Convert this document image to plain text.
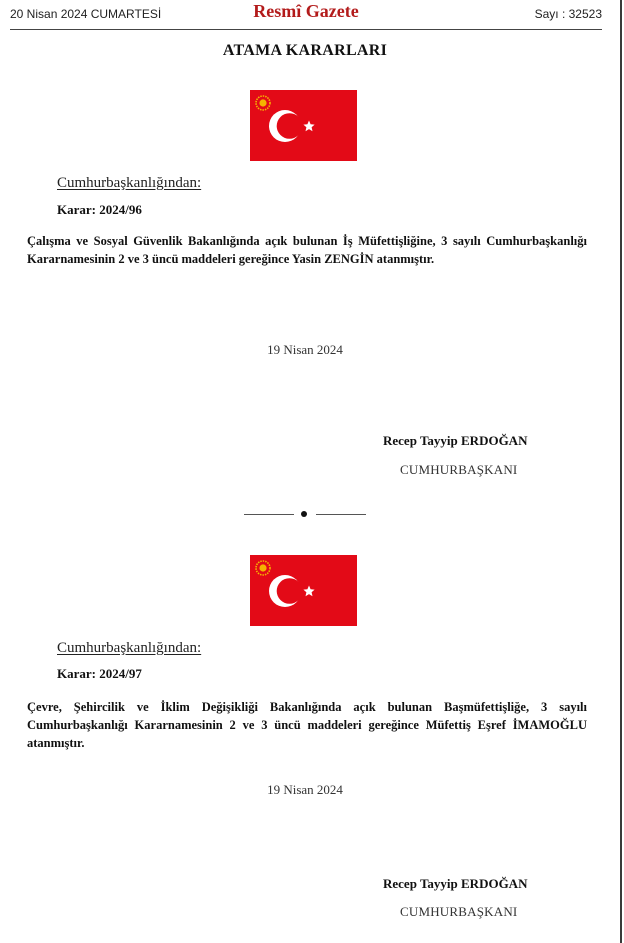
20 Nisan 2024 CUMARTESİ	Resmî Gazete	Sayı : 32523
ATAMA KARARLARI
Cumhurbaşkanlığından:
Karar: 2024/96
Çalışma ve Sosyal Güvenlik Bakanlığında açık bulunan İş Müfettişliğine, 3 sayılı Cumhurbaşkanlığı Kararnamesinin 2 ve 3 üncü maddeleri gereğince Yasin ZENGİN atanmıştır.
19 Nisan 2024
Recep Tayyip ERDOĞAN
CUMHURBAŞKANI
Cumhurbaşkanlığından:
Karar: 2024/97
Çevre, Şehircilik ve İklim Değişikliği Bakanlığında açık bulunan Başmüfettişliğe, 3 sayılı Cumhurbaşkanlığı Kararnamesinin 2 ve 3 üncü maddeleri gereğince Müfettiş Eşref İMAMOĞLU atanmıştır.
19 Nisan 2024
Recep Tayyip ERDOĞAN
CUMHURBAŞKANI
